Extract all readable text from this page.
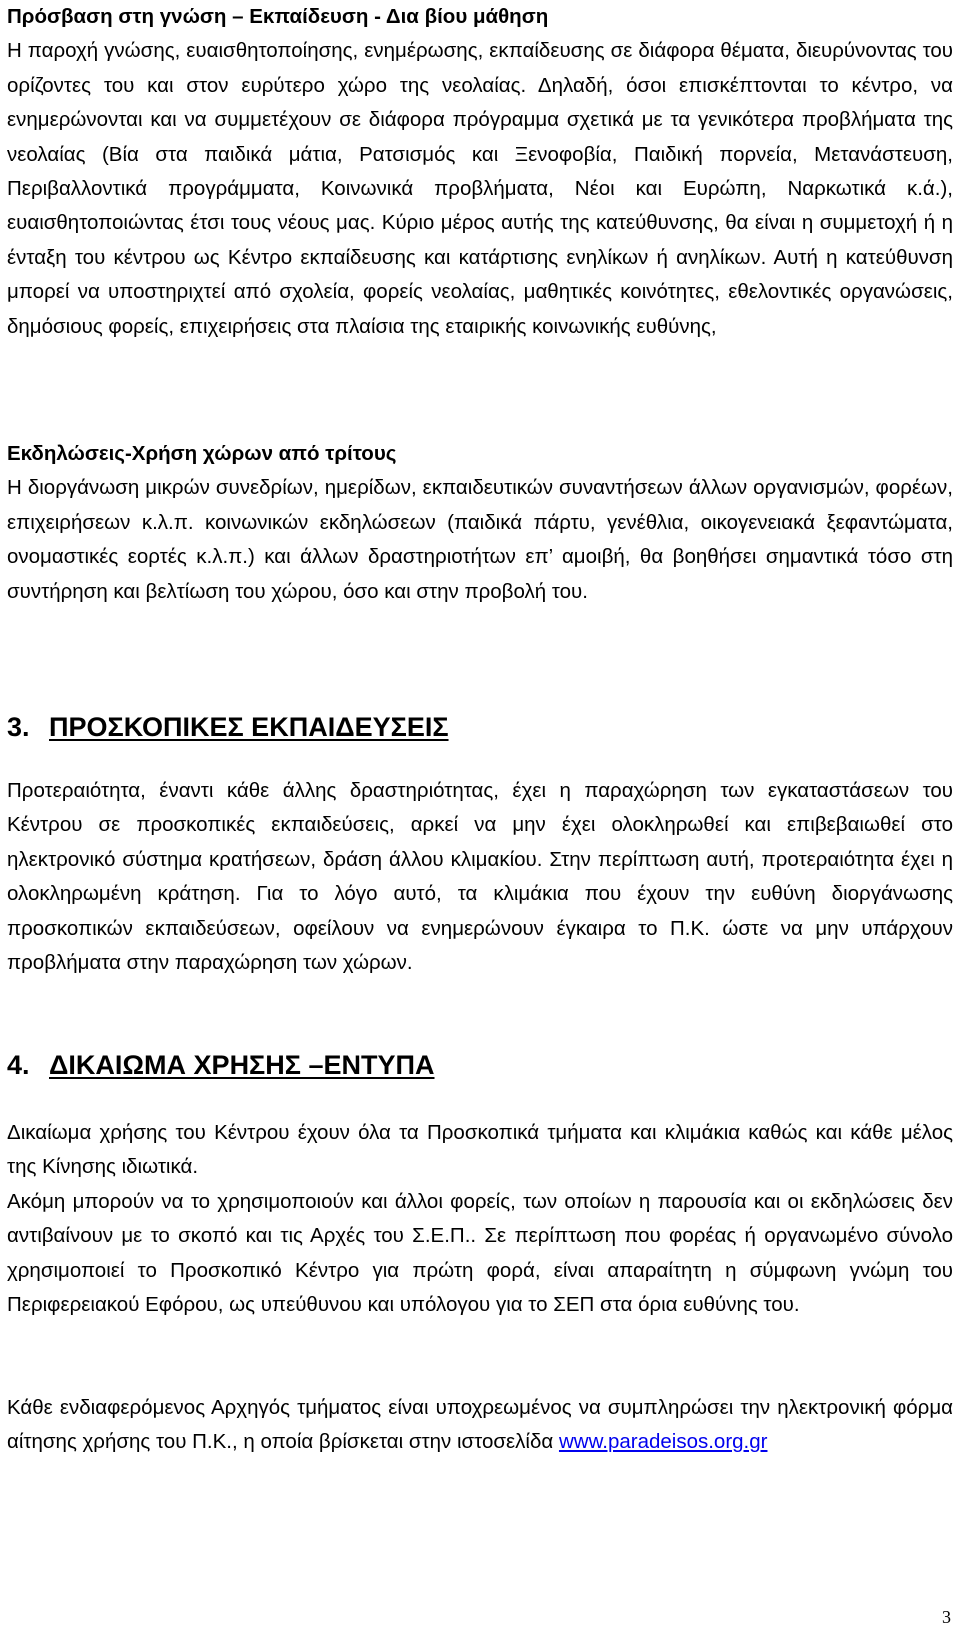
Πρόσβαση στη γνώση – Εκπαίδευση - Δια βίου μάθηση
Η παροχή γνώσης, ευαισθητοποίησης, ενημέρωσης, εκπαίδευσης σε διάφορα θέματα, διευρύνοντας του ορίζοντες του και στον ευρύτερο χώρο της νεολαίας. Δηλαδή, όσοι επισκέπτονται το κέντρο, να ενημερώνονται και να συμμετέχουν σε διάφορα πρόγραμμα σχετικά με τα γενικότερα προβλήματα της νεολαίας (Βία στα παιδικά μάτια, Ρατσισμός και Ξενοφοβία, Παιδική πορνεία, Μετανάστευση, Περιβαλλοντικά προγράμματα, Κοινωνικά προβλήματα, Νέοι και Ευρώπη, Ναρκωτικά κ.ά.), ευαισθητοποιώντας έτσι τους νέους μας. Κύριο μέρος αυτής της κατεύθυνσης, θα είναι η συμμετοχή ή η ένταξη του κέντρου ως Κέντρο εκπαίδευσης και κατάρτισης ενηλίκων ή ανηλίκων. Αυτή η κατεύθυνση μπορεί να υποστηριχτεί από σχολεία, φορείς νεολαίας, μαθητικές κοινότητες, εθελοντικές οργανώσεις, δημόσιους φορείς, επιχειρήσεις στα πλαίσια της εταιρικής κοινωνικής ευθύνης,

Εκδηλώσεις-Χρήση χώρων από τρίτους
Η διοργάνωση μικρών συνεδρίων, ημερίδων, εκπαιδευτικών συναντήσεων άλλων οργανισμών, φορέων, επιχειρήσεων κ.λ.π. κοινωνικών εκδηλώσεων (παιδικά πάρτυ, γενέθλια, οικογενειακά ξεφαντώματα, ονομαστικές εορτές κ.λ.π.) και άλλων δραστηριοτήτων επ’ αμοιβή, θα βοηθήσει σημαντικά τόσο στη συντήρηση και βελτίωση του χώρου, όσο και στην προβολή του.

3. ΠΡΟΣΚΟΠΙΚΕΣ ΕΚΠΑΙΔΕΥΣΕΙΣ

Προτεραιότητα, έναντι κάθε άλλης δραστηριότητας, έχει η παραχώρηση των εγκαταστάσεων του Κέντρου σε προσκοπικές εκπαιδεύσεις, αρκεί να μην έχει ολοκληρωθεί και επιβεβαιωθεί στο ηλεκτρονικό σύστημα κρατήσεων, δράση άλλου κλιμακίου. Στην περίπτωση αυτή, προτεραιότητα έχει η ολοκληρωμένη κράτηση. Για το λόγο αυτό, τα κλιμάκια που έχουν την ευθύνη διοργάνωσης προσκοπικών εκπαιδεύσεων, οφείλουν να ενημερώνουν έγκαιρα το Π.Κ. ώστε να μην υπάρχουν προβλήματα στην παραχώρηση των χώρων.

4. ΔΙΚΑΙΩΜΑ ΧΡΗΣΗΣ –ΕΝΤΥΠΑ

Δικαίωμα χρήσης του Κέντρου έχουν όλα τα Προσκοπικά τμήματα και κλιμάκια καθώς και κάθε μέλος της Κίνησης ιδιωτικά.

Ακόμη μπορούν να το χρησιμοποιούν και άλλοι φορείς, των οποίων η παρουσία και οι εκδηλώσεις δεν αντιβαίνουν με το σκοπό και τις Αρχές του Σ.Ε.Π.. Σε περίπτωση που φορέας ή οργανωμένο σύνολο χρησιμοποιεί το Προσκοπικό Κέντρο για πρώτη φορά, είναι απαραίτητη η σύμφωνη γνώμη του Περιφερειακού Εφόρου, ως υπεύθυνου και υπόλογου για το ΣΕΠ στα όρια ευθύνης του.

Κάθε ενδιαφερόμενος Αρχηγός τμήματος είναι υποχρεωμένος να συμπληρώσει την ηλεκτρονική φόρμα αίτησης χρήσης του Π.Κ., η οποία βρίσκεται στην ιστοσελίδα www.paradeisos.org.gr

3
